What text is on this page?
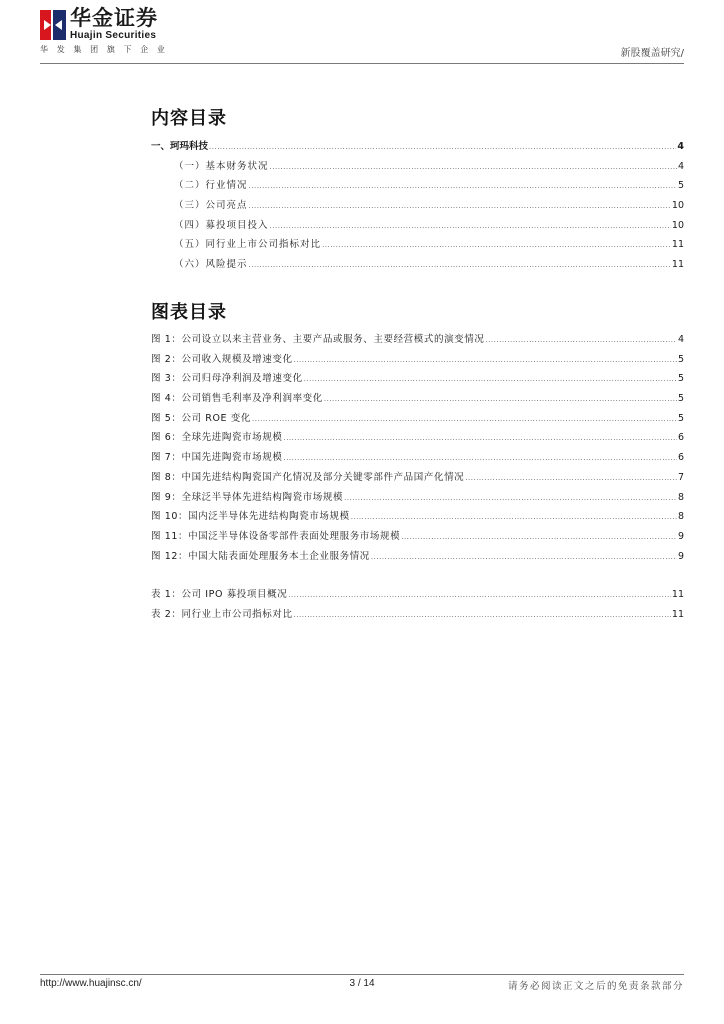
华金证券
Huajin Securities
华发集团旗下企业	新股覆盖研究/
内容目录
一、珂玛科技 .....	4
（一）基本财务状况 .....	4
（二）行业情况 .....	5
（三）公司亮点 .....	10
（四）募投项目投入 .....	10
（五）同行业上市公司指标对比 .....	11
（六）风险提示 .....	11
图表目录
图 1：公司设立以来主营业务、主要产品或服务、主要经营模式的演变情况 .....	4
图 2：公司收入规模及增速变化 .....	5
图 3：公司归母净利润及增速变化 .....	5
图 4：公司销售毛利率及净利润率变化 .....	5
图 5：公司 ROE 变化 .....	5
图 6：全球先进陶瓷市场规模 .....	6
图 7：中国先进陶瓷市场规模 .....	6
图 8：中国先进结构陶瓷国产化情况及部分关键零部件产品国产化情况 .....	7
图 9：全球泛半导体先进结构陶瓷市场规模 .....	8
图 10：国内泛半导体先进结构陶瓷市场规模 .....	8
图 11：中国泛半导体设备零部件表面处理服务市场规模 .....	9
图 12：中国大陆表面处理服务本土企业服务情况 .....	9
表 1：公司 IPO 募投项目概况 .....	11
表 2：同行业上市公司指标对比 .....	11
http://www.huajinsc.cn/	3 / 14	请务必阅读正文之后的免责条款部分
